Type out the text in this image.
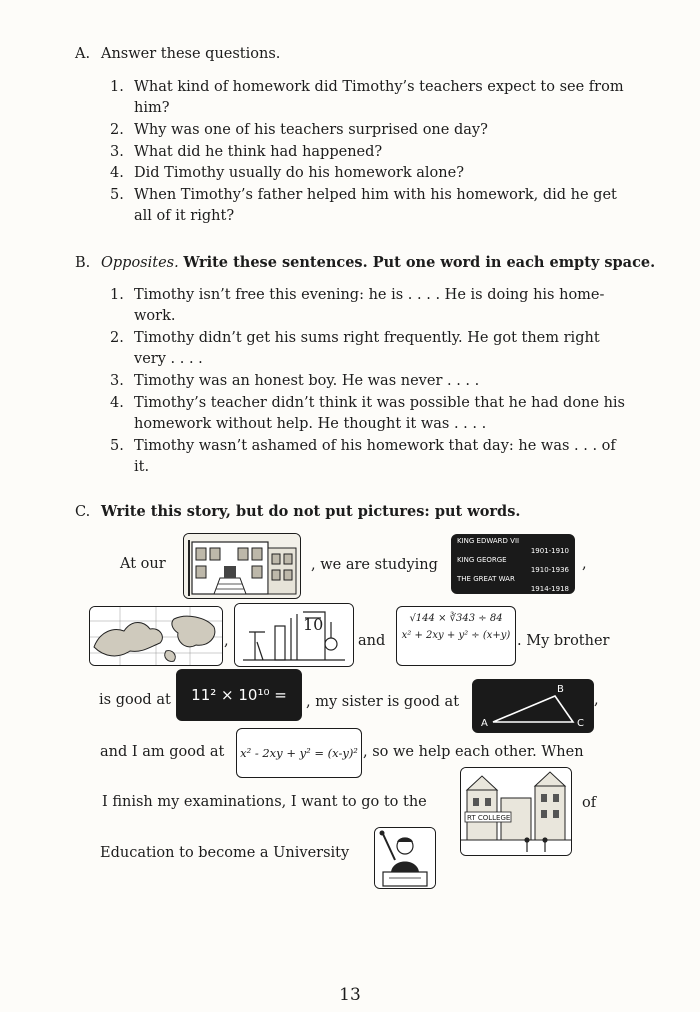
A. Answer these questions.
1. What kind of homework did Timothy’s teachers expect to see from him?
2. Why was one of his teachers surprised one day?
3. What did he think had happened?
4. Did Timothy usually do his homework alone?
5. When Timothy’s father helped him with his homework, did he get all of it right?
B. Opposites. Write these sentences. Put one word in each empty space.
1. Timothy isn’t free this evening: he is . . . . He is doing his home-work.
2. Timothy didn’t get his sums right frequently. He got them right very . . . .
3. Timothy was an honest boy. He was never . . . .
4. Timothy’s teacher didn’t think it was possible that he had done his homework without help. He thought it was . . . .
5. Timothy wasn’t ashamed of his homework that day: he was . . . of it.
C. Write this story, but do not put pictures: put words.
At our	, we are studying
KING EDWARD VII
1901-1910
KING GEORGE
1910-1936
THE GREAT WAR
1914-1918
,
,
10
and
√144 × ∛343 ÷ 84
x² + 2xy + y² ÷ (x+y) . My brother
is good at	11² × 10¹⁰ =	, my sister is good at
A
B
C
,
and I am good at	x² - 2xy + y² = (x-y)² , so we help each other. When
I finish my examinations, I want to go to the
RT COLLEGE
of
Education to become a University
13
